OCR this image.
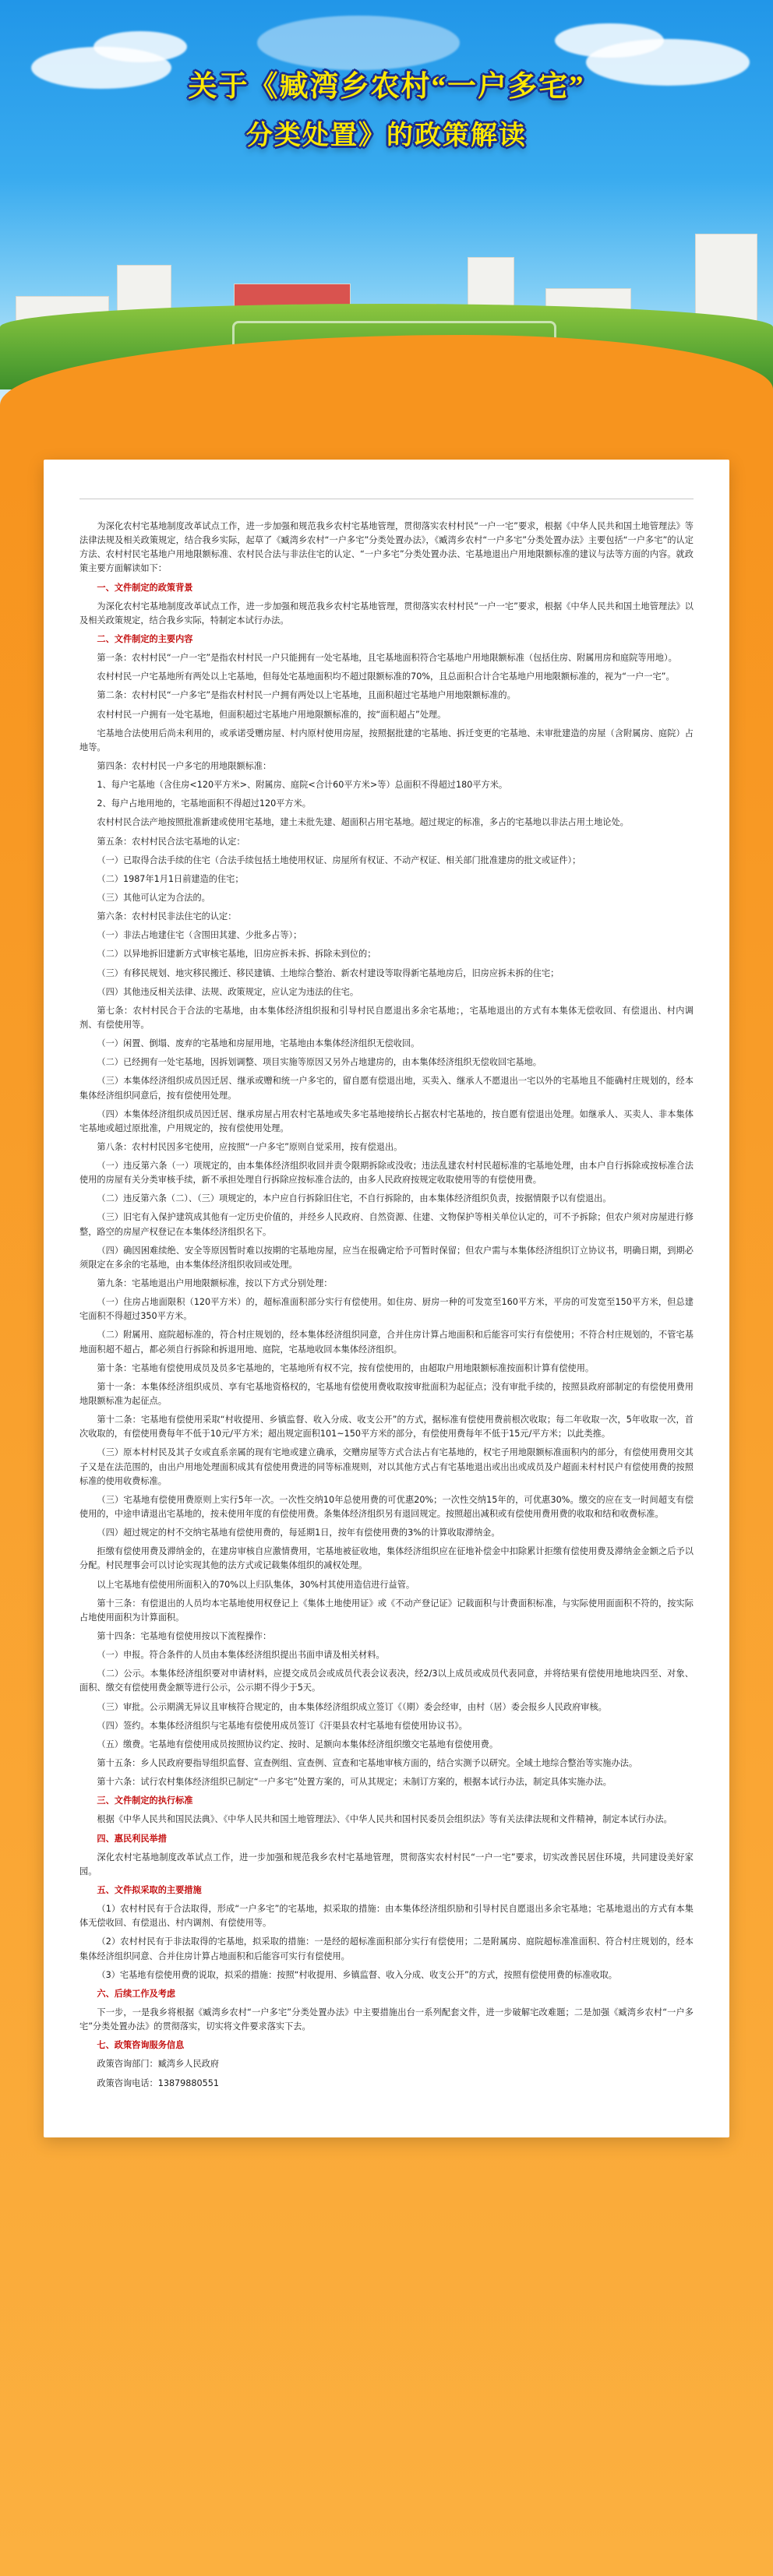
关于《臧湾乡农村“一户多宅”
分类处置》的政策解读

为深化农村宅基地制度改革试点工作，进一步加强和规范我乡农村宅基地管理，贯彻落实农村村民“一户一宅”要求，根据《中华人民共和国土地管理法》等法律法规及相关政策规定，结合我乡实际，起草了《臧湾乡农村“一户多宅”分类处置办法》，《臧湾乡农村“一户多宅”分类处置办法》主要包括“一户多宅”的认定方法、农村村民宅基地户用地限额标准、农村民合法与非法住宅的认定、“一户多宅”分类处置办法、宅基地退出户用地限额标准的建议与法等方面的内容。就政策主要方面解读如下：

一、文件制定的政策背景

为深化农村宅基地制度改革试点工作，进一步加强和规范我乡农村宅基地管理，贯彻落实农村村民“一户一宅”要求，根据《中华人民共和国土地管理法》以及相关政策规定，结合我乡实际，特制定本试行办法。

二、文件制定的主要内容

第一条：农村村民“一户一宅”是指农村村民一户只能拥有一处宅基地，且宅基地面积符合宅基地户用地限额标准（包括住房、附属用房和庭院等用地）。

农村村民一户宅基地所有两处以上宅基地，但每处宅基地面积均不超过限额标准的70%，且总面积合计合宅基地户用地限额标准的，视为“一户一宅”。

第二条：农村村民“一户多宅”是指农村村民一户拥有两处以上宅基地，且面积超过宅基地户用地限额标准的。

农村村民一户拥有一处宅基地，但面积超过宅基地户用地限额标准的，按“面积超占”处理。

宅基地合法使用后尚未利用的，或承诺受赠房屋、村内原村使用房屋，按照据批建的宅基地、拆迁变更的宅基地、未审批建造的房屋（含附属房、庭院）占地等。

第四条：农村村民一户多宅的用地限额标准：

1、每户宅基地（含住房<120平方米>、附属房、庭院<合计60平方米>等）总面积不得超过180平方米。

2、每户占地用地的，宅基地面积不得超过120平方米。

农村村民合法产地按照批准新建或使用宅基地，建土未批先建、超面积占用宅基地。超过规定的标准，多占的宅基地以非法占用土地论处。

第五条：农村村民合法宅基地的认定：

（一）已取得合法手续的住宅（合法手续包括土地使用权证、房屋所有权证、不动产权证、相关部门批准建房的批文或证件）；

（二）1987年1月1日前建造的住宅；

（三）其他可认定为合法的。

第六条：农村村民非法住宅的认定：

（一）非法占地建住宅（含围田其建、少批多占等）；

（二）以异地拆旧建新方式审核宅基地，旧房应拆未拆、拆除未到位的；

（三）有移民规划、地灾移民搬迁、移民建镇、土地综合整治、新农村建设等取得新宅基地房后，旧房应拆未拆的住宅；

（四）其他违反相关法律、法规、政策规定，应认定为违法的住宅。

第七条：农村村民合于合法的宅基地，由本集体经济组织报和引导村民自愿退出多余宅基地；，宅基地退出的方式有本集体无偿收回、有偿退出、村内调剂、有偿使用等。

（一）闲置、倒塌、废弃的宅基地和房屋用地，宅基地由本集体经济组织无偿收回。

（二）已经拥有一处宅基地，因拆划调整、项目实施等原因又另外占地建房的，由本集体经济组织无偿收回宅基地。

（三）本集体经济组织成员因迁居、继承或赠和统一户多宅的，留自愿有偿退出地，买卖入、继承人不愿退出一宅以外的宅基地且不能确村庄规划的，经本集体经济组织同意后，按有偿使用处理。

（四）本集体经济组织成员因迁居、继承房屋占用农村宅基地或失多宅基地接纳长占据农村宅基地的，按自愿有偿退出处理。如继承人、买卖人、非本集体宅基地或超过原批准，户用规定的，按有偿使用处理。

第八条：农村村民因多宅使用，应按照“一户多宅”原则自觉采用，按有偿退出。

（一）违反第六条（一）项规定的，由本集体经济组织收回并责令限期拆除或没收；违法乱建农村村民超标准的宅基地处理，由本户自行拆除或按标准合法使用的房屋有关分类审核手续，新不承担处理自行拆除应按标准合法的，由多人民政府按规定收取使用等的有偿使用费。

（二）违反第六条（二）、（三）项规定的，本户应自行拆除旧住宅，不自行拆除的，由本集体经济组织负责，按据情限予以有偿退出。

（三）旧宅有入保护建筑成其他有一定历史价值的，并经乡人民政府、自然资源、住建、文物保护等相关单位认定的，可不予拆除；但农户须对房屋进行修整，路空的房屋产权登记在本集体经济组织名下。

（四）确因困难续绝、安全等原因暂时难以按期的宅基地房屋，应当在报确定给予可暂时保留；但农户需与本集体经济组织订立协议书，明确日期，到期必须限定在多余的宅基地，由本集体经济组织收回或处理。

第九条：宅基地退出户用地限额标准，按以下方式分别处理：

（一）住房占地面限积（120平方米）的，超标准面积部分实行有偿使用。如住房、厨房一种的可发宽至160平方米，平房的可发宽至150平方米，但总建宅面积不得超过350平方米。

（二）附属用、庭院超标准的，符合村庄规划的，经本集体经济组织同意，合并住房计算占地面积和后能容可实行有偿使用；不符合村庄规划的，不管宅基地面积超不超占，都必须自行拆除和拆退用地、庭院，宅基地收回本集体经济组织。

第十条：宅基地有偿使用成员及员多宅基地的，宅基地所有权不完，按有偿使用的，由超取户用地限额标准按面积计算有偿使用。

第十一条：本集体经济组织成员、享有宅基地资格权的，宅基地有偿使用费收取按审批面积为起征点；没有审批手续的，按照县政府部制定的有偿使用费用地限额标准为起征点。

第十二条：宅基地有偿使用采取“村收提用、乡镇监督、收入分成、收支公开”的方式，据标准有偿使用费前根次收取；每二年收取一次，5年收取一次，首次收取的，有偿使用费每年不低于10元/平方米；超出规定面积101~150平方米的部分，有偿使用费每年不低于15元/平方米；以此类推。

（三）原本村村民及其子女或直系亲属的现有宅地或建立确承，交赠房屋等方式合法占有宅基地的，权宅子用地限额标准面积内的部分，有偿使用费用交其子又是在法范围的，由出户用地处理面积成其有偿使用费进的同等标准规则，对以其他方式占有宅基地退出或出出或成员及户超面未村村民户有偿使用费的按照标准的使用收费标准。

（三）宅基地有偿使用费原则上实行5年一次。一次性交纳10年总使用费的可优惠20%；一次性交纳15年的，可优惠30%。缴交的应在支一时间超支有偿使用的，中途申请退出宅基地的，按未使用年度的有偿使用费。条集体经济组织另有退回规定。按照超出减积或有偿使用费用费的收取和结和收费标准。

（四）超过规定的村不交纳宅基地有偿使用费的，每延期1日，按年有偿使用费的3%的计算收取滞纳金。

拒缴有偿使用费及滞纳金的，在建房审核自应激情费用，宅基地被征收地，集体经济组织应在征地补偿金中扣除累计拒缴有偿使用费及滞纳金金额之后予以分配。村民理事会可以讨论实现其他的法方式或记载集体组织的减权处理。

以上宅基地有偿使用所面积入的70%以上归队集体，30%村其使用造信进行益管。

第十三条：有偿退出的人员均本宅基地使用权登记上《集体土地使用证》或《不动产登记证》记载面积与计费面积标准，与实际使用面面积不符的，按实际占地使用面积为计算面积。

第十四条：宅基地有偿使用按以下流程操作：

（一）申报。符合条件的人员由本集体经济组织提出书面申请及相关材料。

（二）公示。本集体经济组织要对申请材料，应提交成员会或成员代表会议表决，经2/3以上成员或成员代表同意，并将结果有偿使用地地块四至、对象、面积、缴交有偿使用费金额等进行公示，公示期不得少于5天。

（三）审批。公示期满无异议且审核符合规定的，由本集体经济组织成立签订《（期）委会经审，由村（居）委会报乡人民政府审核。

（四）签约。本集体经济组织与宅基地有偿使用成员签订《汗渠县农村宅基地有偿使用协议书》。

（五）缴费。宅基地有偿使用成员按照协议约定、按时、足额向本集体经济组织缴交宅基地有偿使用费。

第十五条：乡人民政府要指导组织监督、宣查例组、宣查例、宣查和宅基地审核方面的，结合实测予以研究。全域土地综合整治等实施办法。

第十六条：试行农村集体经济组织已制定“一户多宅”处置方案的，可从其规定；未制订方案的，根据本试行办法，制定具体实施办法。

三、文件制定的执行标准

根据《中华人民共和国民法典》、《中华人民共和国土地管理法》、《中华人民共和国村民委员会组织法》等有关法律法规和文件精神，制定本试行办法。

四、惠民利民举措

深化农村宅基地制度改革试点工作，进一步加强和规范我乡农村宅基地管理，贯彻落实农村村民“一户一宅”要求，切实改善民居住环境，共同建设美好家园。

五、文件拟采取的主要措施

（1）农村村民有于合法取得，形成“一户多宅”的宅基地，拟采取的措施：由本集体经济组织励和引导村民自愿退出多余宅基地；宅基地退出的方式有本集体无偿收回、有偿退出、村内调剂、有偿使用等。

（2）农村村民有于非法取得的宅基地，拟采取的措施：一是经的超标准面积部分实行有偿使用；二是附属房、庭院超标准准面积、符合村庄规划的，经本集体经济组织同意、合并住房计算占地面积和后能容可实行有偿使用。

（3）宅基地有偿使用费的说取，拟采的措施：按照“村收提用、乡镇监督、收入分成、收支公开”的方式，按照有偿使用费的标准收取。

六、后续工作及考虑

下一步，一是我乡将根据《臧湾乡农村“一户多宅”分类处置办法》中主要措施出台一系列配套文件，进一步破解宅改难题；二是加强《臧湾乡农村“一户多宅”分类处置办法》的贯彻落实，切实将文件要求落实下去。

七、政策咨询服务信息

政策咨询部门：臧湾乡人民政府

政策咨询电话：13879880551
